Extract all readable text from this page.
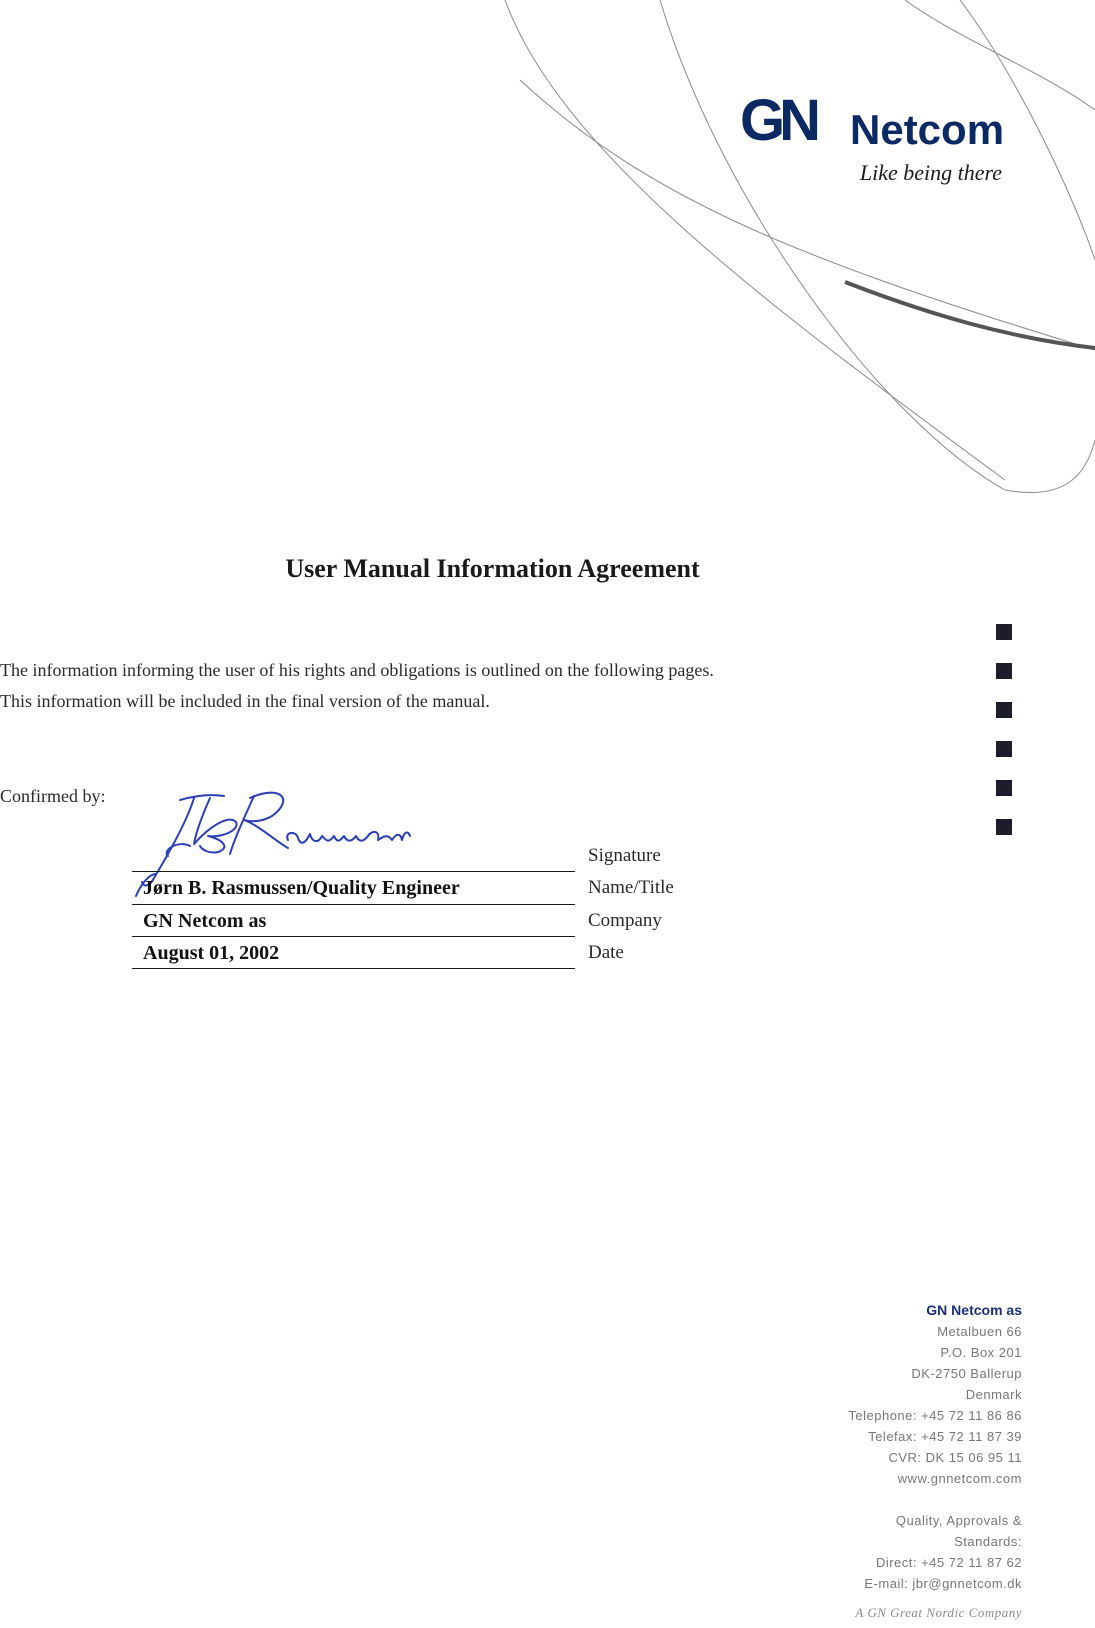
GN Netcom
Like being there
User Manual Information Agreement

The information informing the user of his rights and obligations is outlined on the following pages.

This information will be included in the final version of the manual.

Confirmed by:
Signature
Jørn B. Rasmussen/Quality Engineer	Name/Title
GN Netcom as	Company
August 01, 2002	Date
GN Netcom as
Metalbuen 66
P.O. Box 201
DK-2750 Ballerup
Denmark
Telephone: +45 72 11 86 86
Telefax: +45 72 11 87 39
CVR: DK 15 06 95 11
www.gnnetcom.com
Quality, Approvals &
Standards:
Direct: +45 72 11 87 62
E-mail: jbr@gnnetcom.dk
A GN Great Nordic Company
